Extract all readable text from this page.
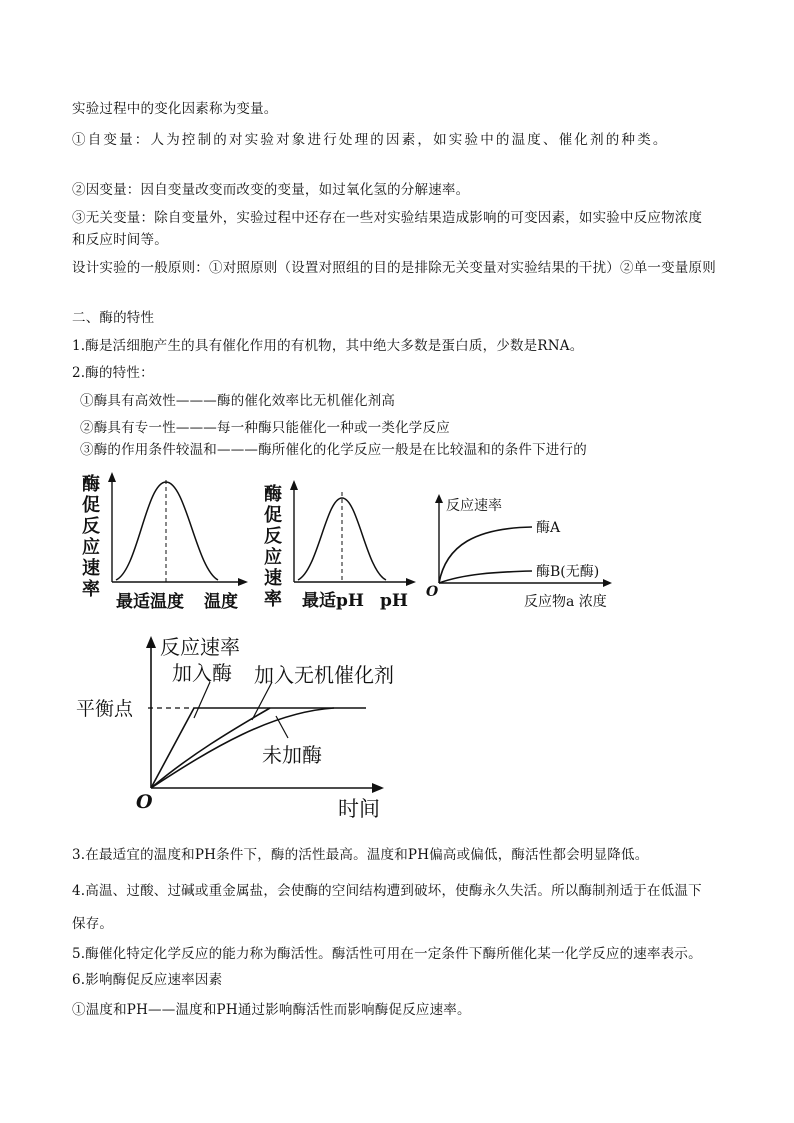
实验过程中的变化因素称为变量。
①自变量：人为控制的对实验对象进行处理的因素，如实验中的温度、催化剂的种类。
②因变量：因自变量改变而改变的变量，如过氧化氢的分解速率。
③无关变量：除自变量外，实验过程中还存在一些对实验结果造成影响的可变因素，如实验中反应物浓度
和反应时间等。
设计实验的一般原则：①对照原则（设置对照组的目的是排除无关变量对实验结果的干扰）②单一变量原则
二、酶的特性
1.酶是活细胞产生的具有催化作用的有机物，其中绝大多数是蛋白质，少数是RNA。
2.酶的特性：
①酶具有高效性———酶的催化效率比无机催化剂高
②酶具有专一性———每一种酶只能催化一种或一类化学反应
③酶的作用条件较温和———酶所催化的化学反应一般是在比较温和的条件下进行的
酶
促
反
应
速
率
最适温度 温度
酶
促
反
应
速
率 最适pH pH
反应速率
酶A
酶B(无酶)
O
反应物a 浓度
反应速率
平衡点
加入酶 加入无机催化剂
未加酶
O	时间
3.在最适宜的温度和PH条件下，酶的活性最高。温度和PH偏高或偏低，酶活性都会明显降低。
4.高温、过酸、过碱或重金属盐，会使酶的空间结构遭到破坏，使酶永久失活。所以酶制剂适于在低温下
保存。
5.酶催化特定化学反应的能力称为酶活性。酶活性可用在一定条件下酶所催化某一化学反应的速率表示。
6.影响酶促反应速率因素
①温度和PH——温度和PH通过影响酶活性而影响酶促反应速率。
